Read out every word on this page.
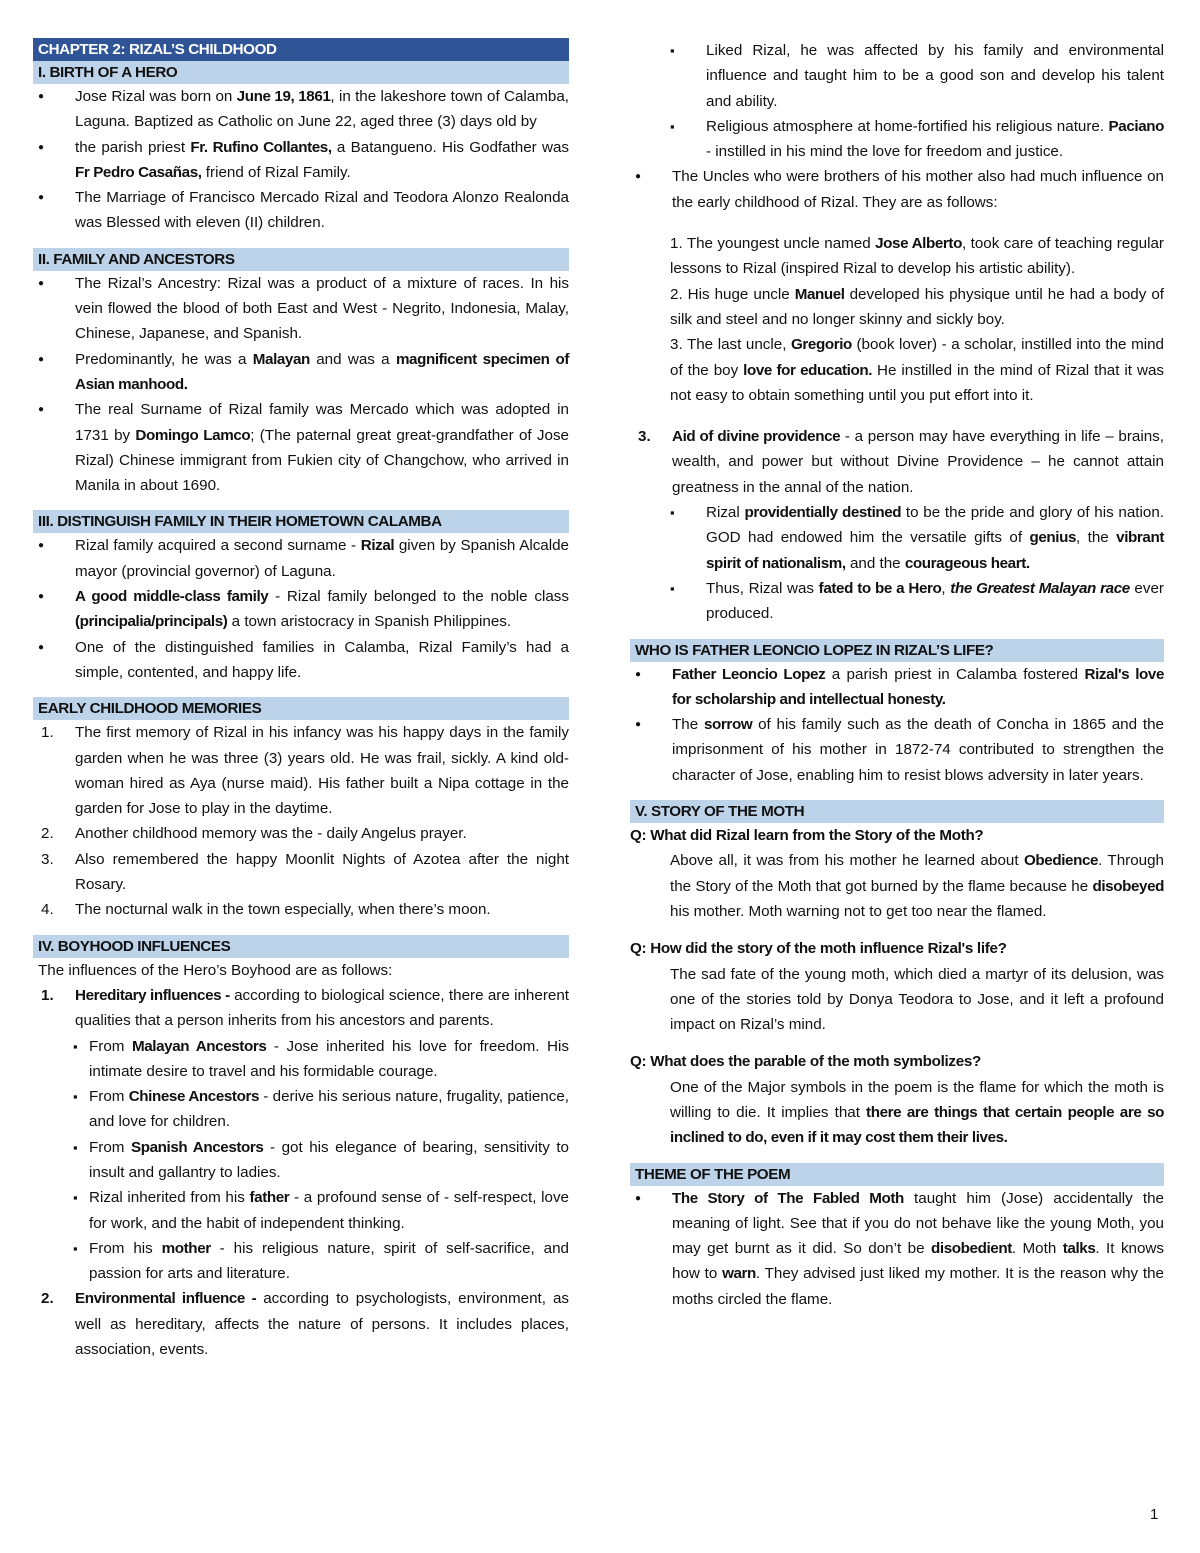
CHAPTER 2: RIZAL’S CHILDHOOD
I. BIRTH OF A HERO

● Jose Rizal was born on June 19, 1861, in the lakeshore town of Calamba, Laguna. Baptized as Catholic on June 22, aged three (3) days old by

● the parish priest Fr. Rufino Collantes, a Batangueno. His Godfather was Fr Pedro Casañas, friend of Rizal Family.

● The Marriage of Francisco Mercado Rizal and Teodora Alonzo Realonda was Blessed with eleven (II) children.

II. FAMILY AND ANCESTORS

● The Rizal’s Ancestry: Rizal was a product of a mixture of races. In his vein flowed the blood of both East and West - Negrito, Indonesia, Malay, Chinese, Japanese, and Spanish.

● Predominantly, he was a Malayan and was a magnificent specimen of Asian manhood.

● The real Surname of Rizal family was Mercado which was adopted in 1731 by Domingo Lamco; (The paternal great great-grandfather of Jose Rizal) Chinese immigrant from Fukien city of Changchow, who arrived in Manila in about 1690.

III. DISTINGUISH FAMILY IN THEIR HOMETOWN CALAMBA

● Rizal family acquired a second surname - Rizal given by Spanish Alcalde mayor (provincial governor) of Laguna.

● A good middle-class family - Rizal family belonged to the noble class (principalia/principals) a town aristocracy in Spanish Philippines.

● One of the distinguished families in Calamba, Rizal Family’s had a simple, contented, and happy life.

EARLY CHILDHOOD MEMORIES

1. The first memory of Rizal in his infancy was his happy days in the family garden when he was three (3) years old. He was frail, sickly. A kind old-woman hired as Aya (nurse maid). His father built a Nipa cottage in the garden for Jose to play in the daytime.

2. Another childhood memory was the - daily Angelus prayer.

3. Also remembered the happy Moonlit Nights of Azotea after the night Rosary.

4. The nocturnal walk in the town especially, when there’s moon.

IV. BOYHOOD INFLUENCES

The influences of the Hero’s Boyhood are as follows:

1. Hereditary influences - according to biological science, there are inherent qualities that a person inherits from his ancestors and parents.

▪ From Malayan Ancestors - Jose inherited his love for freedom. His intimate desire to travel and his formidable courage.

▪ From Chinese Ancestors - derive his serious nature, frugality, patience, and love for children.

▪ From Spanish Ancestors - got his elegance of bearing, sensitivity to insult and gallantry to ladies.

▪ Rizal inherited from his father - a profound sense of - self-respect, love for work, and the habit of independent thinking.

▪ From his mother - his religious nature, spirit of self-sacrifice, and passion for arts and literature.

2. Environmental influence - according to psychologists, environment, as well as hereditary, affects the nature of persons. It includes places, association, events.

▪ Liked Rizal, he was affected by his family and environmental influence and taught him to be a good son and develop his talent and ability.

▪ Religious atmosphere at home-fortified his religious nature. Paciano - instilled in his mind the love for freedom and justice.

● The Uncles who were brothers of his mother also had much influence on the early childhood of Rizal. They are as follows:

1. The youngest uncle named Jose Alberto, took care of teaching regular lessons to Rizal (inspired Rizal to develop his artistic ability).

2. His huge uncle Manuel developed his physique until he had a body of silk and steel and no longer skinny and sickly boy.

3. The last uncle, Gregorio (book lover) - a scholar, instilled into the mind of the boy love for education. He instilled in the mind of Rizal that it was not easy to obtain something until you put effort into it.

3. Aid of divine providence - a person may have everything in life – brains, wealth, and power but without Divine Providence – he cannot attain greatness in the annal of the nation.

▪ Rizal providentially destined to be the pride and glory of his nation. GOD had endowed him the versatile gifts of genius, the vibrant spirit of nationalism, and the courageous heart.

▪ Thus, Rizal was fated to be a Hero, the Greatest Malayan race ever produced.

WHO IS FATHER LEONCIO LOPEZ IN RIZAL’S LIFE?

● Father Leoncio Lopez a parish priest in Calamba fostered Rizal's love for scholarship and intellectual honesty.

● The sorrow of his family such as the death of Concha in 1865 and the imprisonment of his mother in 1872-74 contributed to strengthen the character of Jose, enabling him to resist blows adversity in later years.

V. STORY OF THE MOTH

Q: What did Rizal learn from the Story of the Moth?

Above all, it was from his mother he learned about Obedience. Through the Story of the Moth that got burned by the flame because he disobeyed his mother. Moth warning not to get too near the flamed.

Q: How did the story of the moth influence Rizal's life?

The sad fate of the young moth, which died a martyr of its delusion, was one of the stories told by Donya Teodora to Jose, and it left a profound impact on Rizal’s mind.

Q: What does the parable of the moth symbolizes?

One of the Major symbols in the poem is the flame for which the moth is willing to die. It implies that there are things that certain people are so inclined to do, even if it may cost them their lives.

THEME OF THE POEM

● The Story of The Fabled Moth taught him (Jose) accidentally the meaning of light. See that if you do not behave like the young Moth, you may get burnt as it did. So don’t be disobedient. Moth talks. It knows how to warn. They advised just liked my mother. It is the reason why the moths circled the flame.

1
